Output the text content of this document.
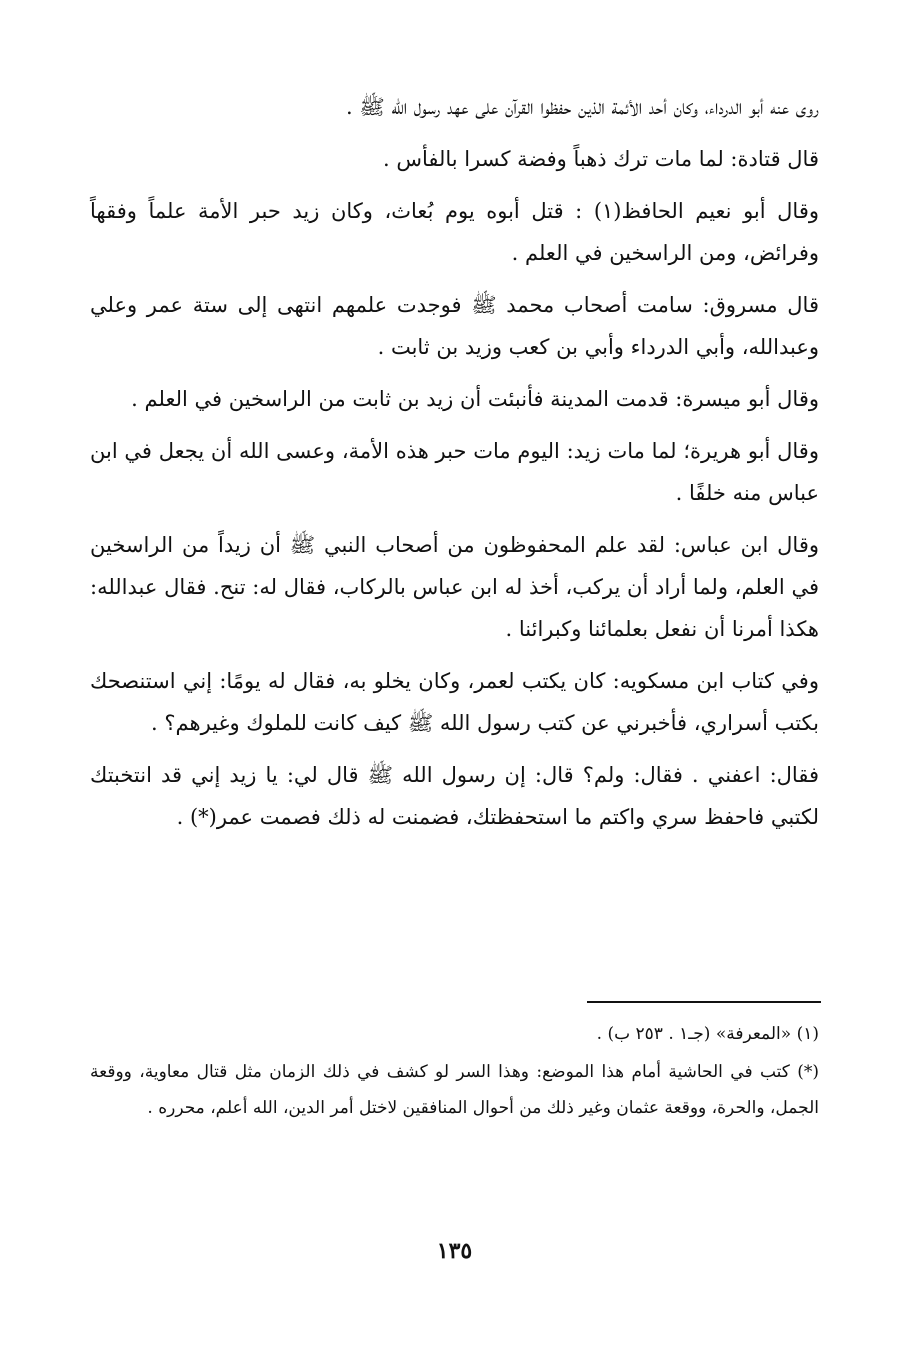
روى عنه أبو الدرداء، وكان أحد الأئمة الذين حفظوا القرآن على عهد رسول الله ﷺ .

قال قتادة: لما مات ترك ذهباً وفضة كسرا بالفأس .

وقال أبو نعيم الحافظ(١) : قتل أبوه يوم بُعاث، وكان زيد حبر الأمة علماً وفقهاً وفرائض، ومن الراسخين في العلم .

قال مسروق: سامت أصحاب محمد ﷺ فوجدت علمهم انتهى إلى ستة عمر وعلي وعبدالله، وأبي الدرداء وأبي بن كعب وزيد بن ثابت .

وقال أبو ميسرة: قدمت المدينة فأنبئت أن زيد بن ثابت من الراسخين في العلم .

وقال أبو هريرة؛ لما مات زيد: اليوم مات حبر هذه الأمة، وعسى الله أن يجعل في ابن عباس منه خلفًا .

وقال ابن عباس: لقد علم المحفوظون من أصحاب النبي ﷺ أن زيداً من الراسخين في العلم، ولما أراد أن يركب، أخذ له ابن عباس بالركاب، فقال له: تنح. فقال عبدالله: هكذا أمرنا أن نفعل بعلمائنا وكبرائنا .

وفي كتاب ابن مسكويه: كان يكتب لعمر، وكان يخلو به، فقال له يومًا: إني استنصحك بكتب أسراري، فأخبرني عن كتب رسول الله ﷺ كيف كانت للملوك وغيرهم؟ .

فقال: اعفني . فقال: ولم؟ قال: إن رسول الله ﷺ قال لي: يا زيد إني قد انتخبتك لكتبي فاحفظ سري واكتم ما استحفظتك، فضمنت له ذلك فصمت عمر(*) .

(١) «المعرفة» (جـ١ . ٢٥٣ ب) .

(*) كتب في الحاشية أمام هذا الموضع: وهذا السر لو كشف في ذلك الزمان مثل قتال معاوية، ووقعة الجمل، والحرة، ووقعة عثمان وغير ذلك من أحوال المنافقين لاختل أمر الدين، الله أعلم، محرره .

١٣٥
